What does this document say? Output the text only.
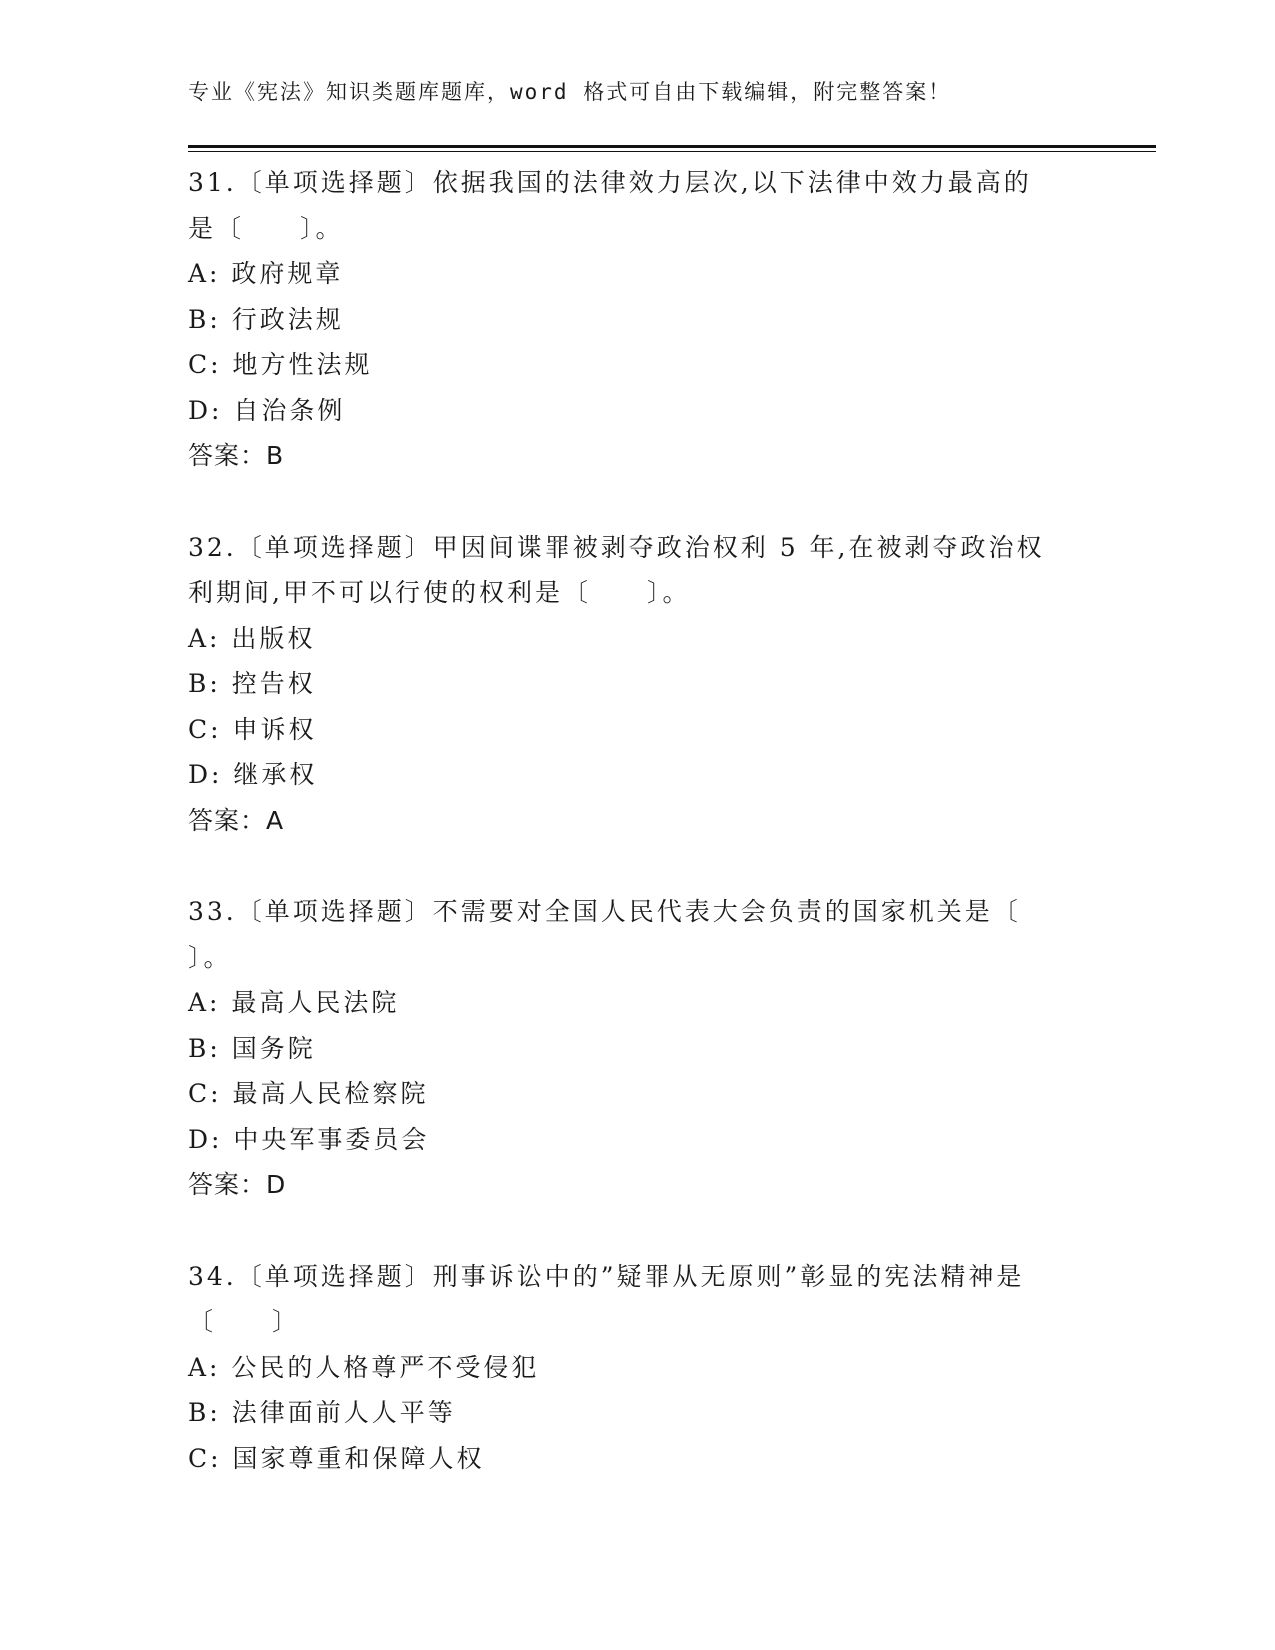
专业《宪法》知识类题库题库，word 格式可自由下载编辑，附完整答案！
31.〔单项选择题〕依据我国的法律效力层次,以下法律中效力最高的
是〔　　〕。
A: 政府规章
B: 行政法规
C: 地方性法规
D: 自治条例
答案：B
32.〔单项选择题〕甲因间谍罪被剥夺政治权利 5 年,在被剥夺政治权
利期间,甲不可以行使的权利是〔　　〕。
A: 出版权
B: 控告权
C: 申诉权
D: 继承权
答案：A
33.〔单项选择题〕不需要对全国人民代表大会负责的国家机关是〔
〕。
A: 最高人民法院
B: 国务院
C: 最高人民检察院
D: 中央军事委员会
答案：D
34.〔单项选择题〕刑事诉讼中的”疑罪从无原则”彰显的宪法精神是
〔　　〕
A: 公民的人格尊严不受侵犯
B: 法律面前人人平等
C: 国家尊重和保障人权
